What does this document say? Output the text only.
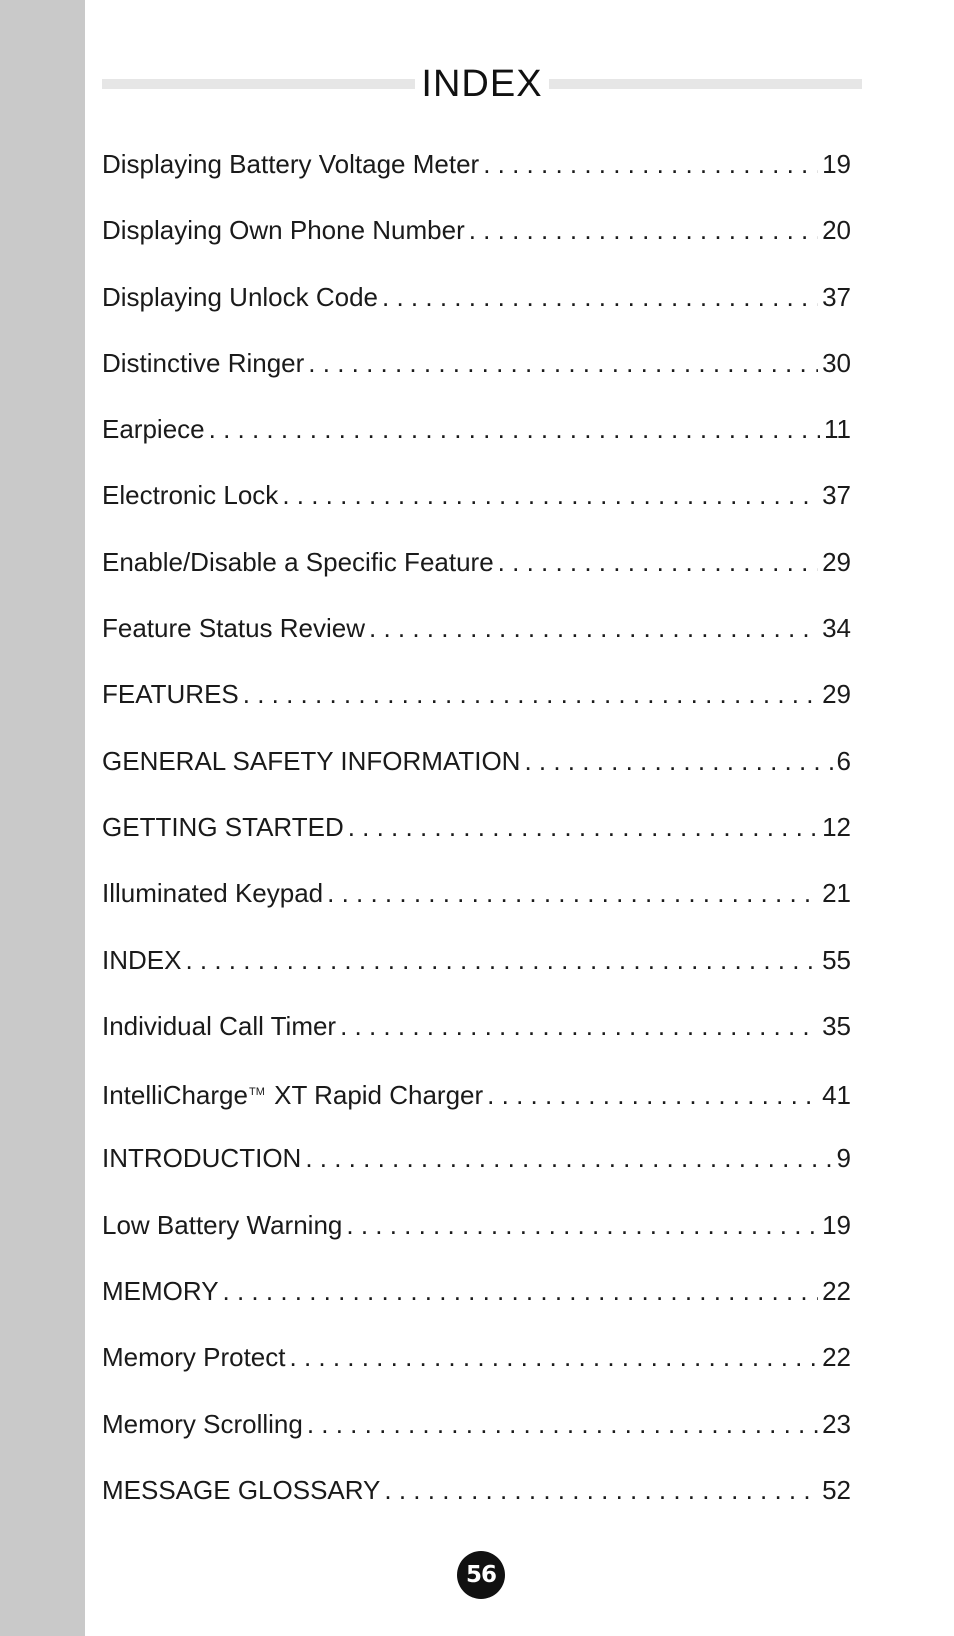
INDEX
Displaying Battery Voltage Meter . . .	19
Displaying Own Phone Number . . .	20
Displaying Unlock Code . . .	37
Distinctive Ringer . . .	30
Earpiece . . .	11
Electronic Lock . . .	37
Enable/Disable a Specific Feature . . .	29
Feature Status Review . . .	34
FEATURES . . .	29
GENERAL SAFETY INFORMATION . . .	6
GETTING STARTED . . .	12
Illuminated Keypad . . .	21
INDEX . . .	55
Individual Call Timer . . .	35
IntelliCharge™ XT Rapid Charger . . .	41
INTRODUCTION . . .	9
Low Battery Warning . . .	19
MEMORY . . .	22
Memory Protect . . .	22
Memory Scrolling . . .	23
MESSAGE GLOSSARY . . .	52
56
